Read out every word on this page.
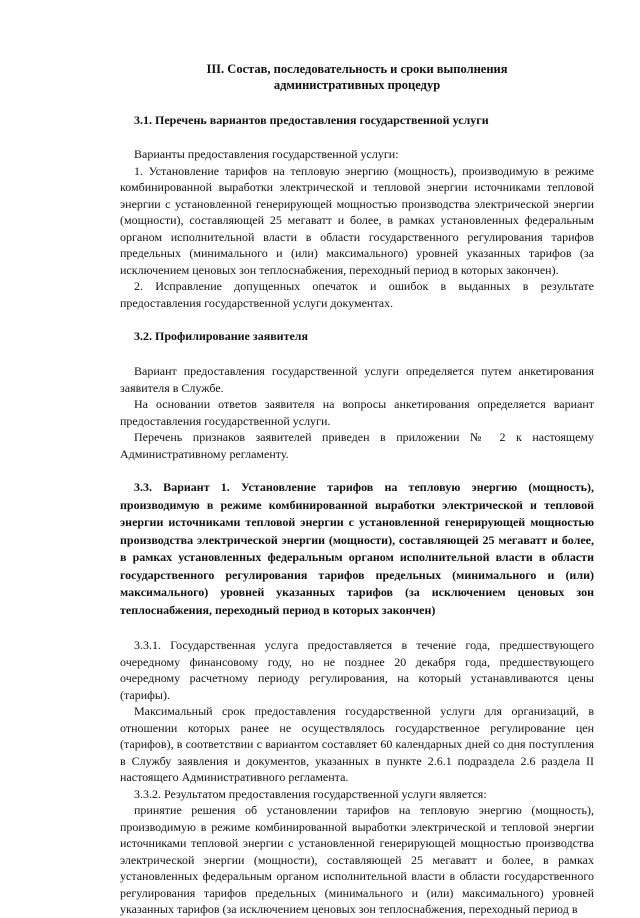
III. Состав, последовательность и сроки выполнения
административных процедур
3.1. Перечень вариантов предоставления государственной услуги

Варианты предоставления государственной услуги:

1. Установление тарифов на тепловую энергию (мощность), производимую в режиме комбинированной выработки электрической и тепловой энергии источниками тепловой энергии с установленной генерирующей мощностью производства электрической энергии (мощности), составляющей 25 мегаватт и более, в рамках установленных федеральным органом исполнительной власти в области государственного регулирования тарифов предельных (минимального и (или) максимального) уровней указанных тарифов (за исключением ценовых зон теплоснабжения, переходный период в которых закончен).

2. Исправление допущенных опечаток и ошибок в выданных в результате предоставления государственной услуги документах.

3.2. Профилирование заявителя

Вариант предоставления государственной услуги определяется путем анкетирования заявителя в Службе.

На основании ответов заявителя на вопросы анкетирования определяется вариант предоставления государственной услуги.

Перечень признаков заявителей приведен в приложении № 2 к настоящему Административному регламенту.

3.3. Вариант 1. Установление тарифов на тепловую энергию (мощность), производимую в режиме комбинированной выработки электрической и тепловой энергии источниками тепловой энергии с установленной генерирующей мощностью производства электрической энергии (мощности), составляющей 25 мегаватт и более, в рамках установленных федеральным органом исполнительной власти в области государственного регулирования тарифов предельных (минимального и (или) максимального) уровней указанных тарифов (за исключением ценовых зон теплоснабжения, переходный период в которых закончен)

3.3.1. Государственная услуга предоставляется в течение года, предшествующего очередному финансовому году, но не позднее 20 декабря года, предшествующего очередному расчетному периоду регулирования, на который устанавливаются цены (тарифы).

Максимальный срок предоставления государственной услуги для организаций, в отношении которых ранее не осуществлялось государственное регулирование цен (тарифов), в соответствии с вариантом составляет 60 календарных дней со дня поступления в Службу заявления и документов, указанных в пункте 2.6.1 подраздела 2.6 раздела II настоящего Административного регламента.

3.3.2. Результатом предоставления государственной услуги является:

принятие решения об установлении тарифов на тепловую энергию (мощность), производимую в режиме комбинированной выработки электрической и тепловой энергии источниками тепловой энергии с установленной генерирующей мощностью производства электрической энергии (мощности), составляющей 25 мегаватт и более, в рамках установленных федеральным органом исполнительной власти в области государственного регулирования тарифов предельных (минимального и (или) максимального) уровней указанных тарифов (за исключением ценовых зон теплоснабжения, переходный период в
